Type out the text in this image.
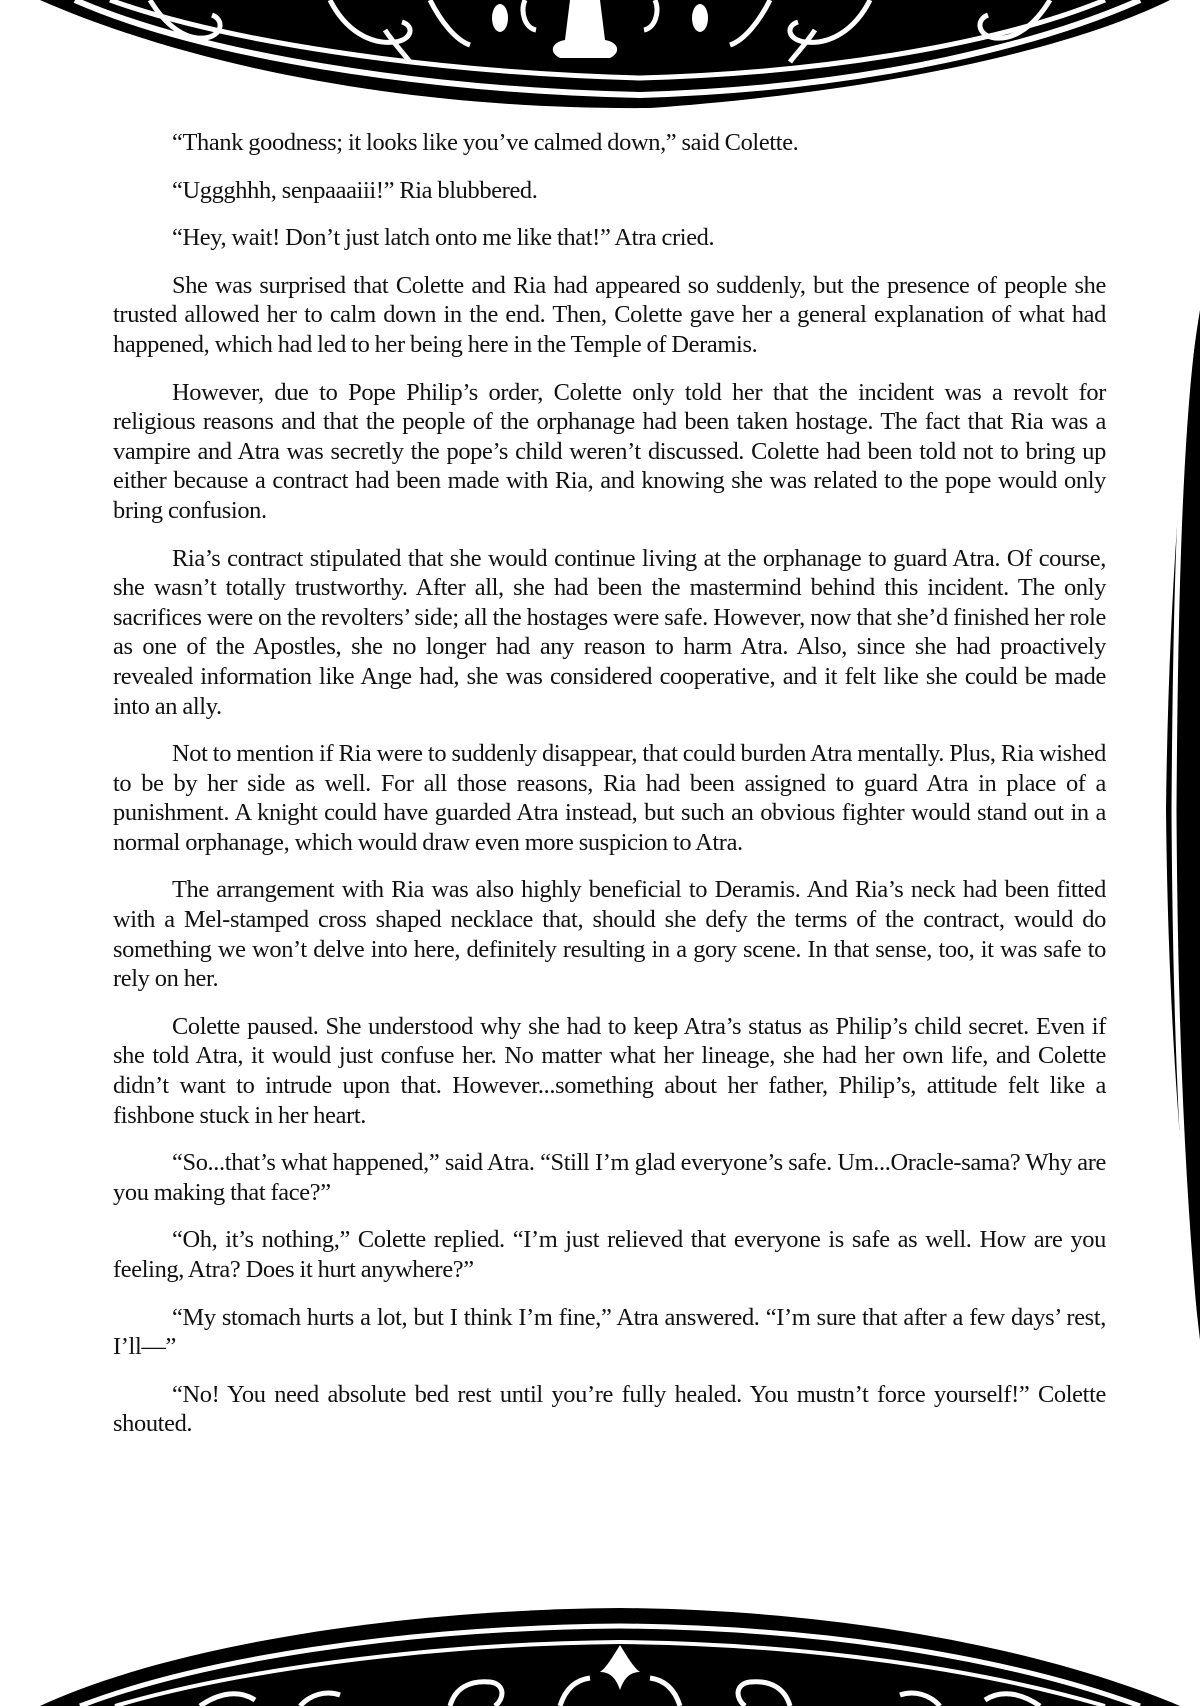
“Thank goodness; it looks like you’ve calmed down,” said Colette.

“Uggghhh, senpaaaiii!” Ria blubbered.

“Hey, wait! Don’t just latch onto me like that!” Atra cried.

She was surprised that Colette and Ria had appeared so suddenly, but the presence of people she trusted allowed her to calm down in the end. Then, Colette gave her a general explanation of what had happened, which had led to her being here in the Temple of Deramis.

However, due to Pope Philip’s order, Colette only told her that the incident was a revolt for religious reasons and that the people of the orphanage had been taken hostage. The fact that Ria was a vampire and Atra was secretly the pope’s child weren’t discussed. Colette had been told not to bring up either because a contract had been made with Ria, and knowing she was related to the pope would only bring confusion.

Ria’s contract stipulated that she would continue living at the orphanage to guard Atra. Of course, she wasn’t totally trustworthy. After all, she had been the mastermind behind this incident. The only sacrifices were on the revolters’ side; all the hostages were safe. However, now that she’d finished her role as one of the Apostles, she no longer had any reason to harm Atra. Also, since she had proactively revealed information like Ange had, she was considered cooperative, and it felt like she could be made into an ally.

Not to mention if Ria were to suddenly disappear, that could burden Atra mentally. Plus, Ria wished to be by her side as well. For all those reasons, Ria had been assigned to guard Atra in place of a punishment. A knight could have guarded Atra instead, but such an obvious fighter would stand out in a normal orphanage, which would draw even more suspicion to Atra.

The arrangement with Ria was also highly beneficial to Deramis. And Ria’s neck had been fitted with a Mel-stamped cross shaped necklace that, should she defy the terms of the contract, would do something we won’t delve into here, definitely resulting in a gory scene. In that sense, too, it was safe to rely on her.

Colette paused. She understood why she had to keep Atra’s status as Philip’s child secret. Even if she told Atra, it would just confuse her. No matter what her lineage, she had her own life, and Colette didn’t want to intrude upon that. However...something about her father, Philip’s, attitude felt like a fishbone stuck in her heart.

“So...that’s what happened,” said Atra. “Still I’m glad everyone’s safe. Um...Oracle-sama? Why are you making that face?”

“Oh, it’s nothing,” Colette replied. “I’m just relieved that everyone is safe as well. How are you feeling, Atra? Does it hurt anywhere?”

“My stomach hurts a lot, but I think I’m fine,” Atra answered. “I’m sure that after a few days’ rest, I’ll—”

“No! You need absolute bed rest until you’re fully healed. You mustn’t force yourself!” Colette shouted.
